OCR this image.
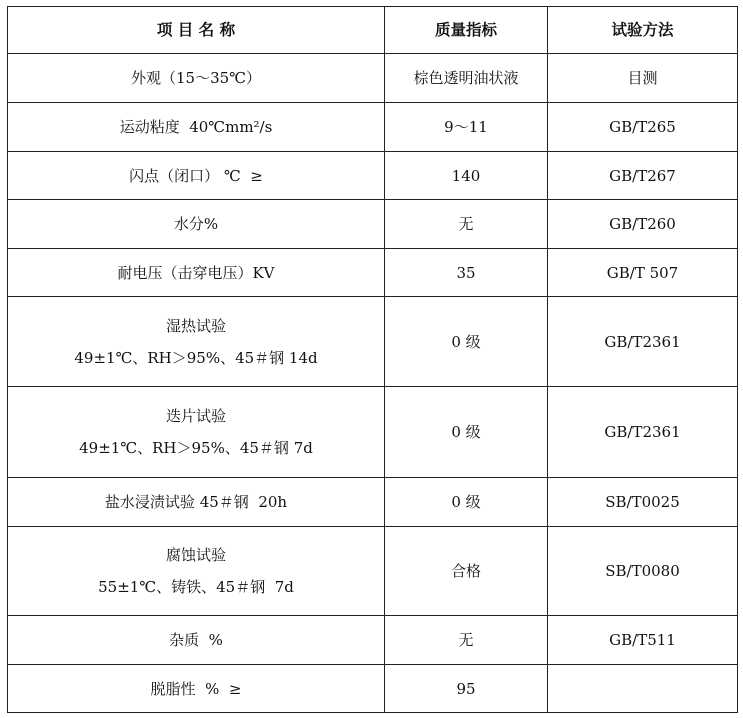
项 目 名 称	质量指标	试验方法
外观（15～35℃）	棕色透明油状液	目测
运动粘度  40℃mm²/s	9～11	GB/T265
闪点（闭口） ℃  ≥	140	GB/T267
水分%	无	GB/T260
耐电压（击穿电压）KV	35	GB/T 507

湿热试验
49±1℃、RH＞95%、45＃钢 14d	0 级	GB/T2361

迭片试验
49±1℃、RH＞95%、45＃钢 7d	0 级	GB/T2361
盐水浸渍试验 45＃钢  20h	0 级	SB/T0025

腐蚀试验
55±1℃、铸铁、45＃钢  7d	合格	SB/T0080
杂质  %	无	GB/T511
脱脂性  %  ≥	95	
